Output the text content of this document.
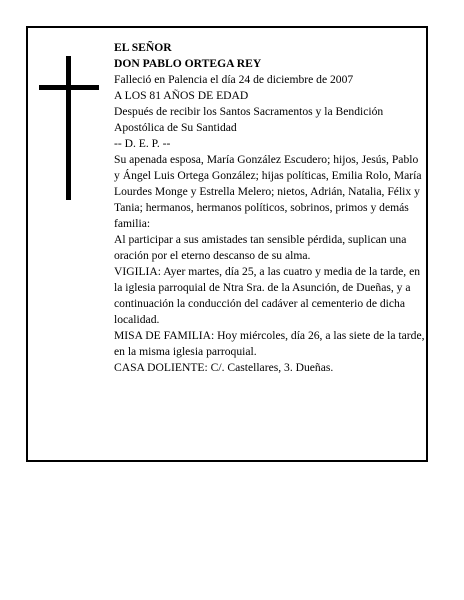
EL SEÑOR

DON PABLO ORTEGA REY

Falleció en Palencia el día 24 de diciembre de 2007

A LOS 81 AÑOS DE EDAD

Después de recibir los Santos Sacramentos y la Bendición Apostólica de Su Santidad

-- D. E. P. --

Su apenada esposa, María González Escudero; hijos, Jesús, Pablo y Ángel Luis Ortega González; hijas políticas, Emilia Rolo, María Lourdes Monge y Estrella Melero; nietos, Adrián, Natalia, Félix y Tania; hermanos, hermanos políticos, sobrinos, primos y demás familia:

Al participar a sus amistades tan sensible pérdida, suplican una oración por el eterno descanso de su alma.

VIGILIA: Ayer martes, día 25, a las cuatro y media de la tarde, en la iglesia parroquial de Ntra Sra. de la Asunción, de Dueñas, y a continuación la conducción del cadáver al cementerio de dicha localidad.

MISA DE FAMILIA: Hoy miércoles, día 26, a las siete de la tarde, en la misma iglesia parroquial.

CASA DOLIENTE: C/. Castellares, 3. Dueñas.
